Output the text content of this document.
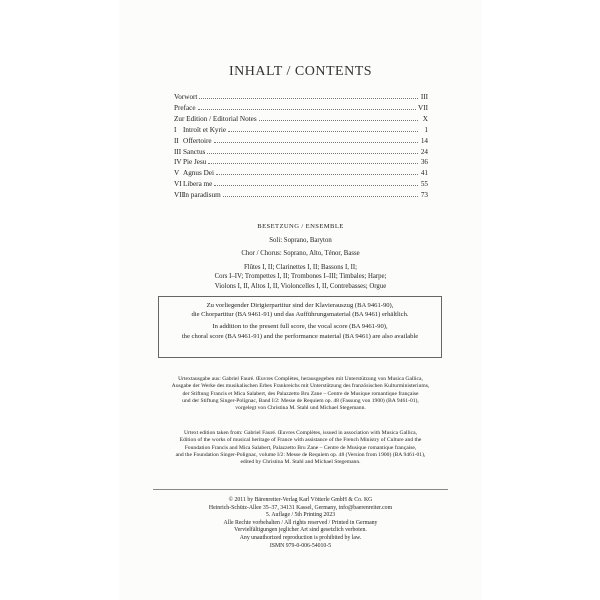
INHALT / CONTENTS
Vorwort	III
Preface	VII
Zur Edition / Editorial Notes	X
I Introït et Kyrie	1
II Offertoire	14
III Sanctus	24
IV Pie Jesu	36
V Agnus Dei	41
VI Libera me	55
VII In paradisum	73
BESETZUNG / ENSEMBLE
Soli: Soprano, Baryton
Chor / Chorus: Soprano, Alto, Ténor, Basse
Flûtes I, II; Clarinettes I, II; Bassons I, II;
Cors I–IV; Trompettes I, II; Trombones I–III; Timbales; Harpe;
Violons I, II, Altos I, II, Violoncelles I, II, Contrebasses; Orgue
Zu vorliegender Dirigierpartitur sind der Klavierauszug (BA 9461-90),
die Chorpartitur (BA 9461-91) und das Aufführungsmaterial (BA 9461) erhältlich.
In addition to the present full score, the vocal score (BA 9461-90),
the choral score (BA 9461-91) and the performance material (BA 9461) are also available
Urtextausgabe aus: Gabriel Fauré. Œuvres Complètes, herausgegeben mit Unterstützung von Musica Gallica,
Ausgabe der Werke des musikalischen Erbes Frankreichs mit Unterstützung des französischen Kulturministeriums,
der Stiftung Francis et Mica Salabert, des Palazzetto Bru Zane – Centre de Musique romantique française
und der Stiftung Singer-Polignac, Band I/2: Messe de Requiem op. 48 (Fassung von 1900) (BA 9461-01),
vorgelegt von Christina M. Stahl und Michael Stegemann.
Urtext edition taken from: Gabriel Fauré. Œuvres Complètes, issued in association with Musica Gallica,
Edition of the works of musical heritage of France with assistance of the French Ministry of Culture and the
Foundation Francis and Mica Salabert, Palazzetto Bru Zane – Centre de Musique romantique française,
and the Foundation Singer-Polignac, volume I/2: Messe de Requiem op. 48 (Version from 1900) (BA 9461-01),
edited by Christina M. Stahl and Michael Stegemann.
© 2011 by Bärenreiter-Verlag Karl Vötterle GmbH & Co. KG
Heinrich-Schütz-Allee 35–37, 34131 Kassel, Germany, info@baerenreiter.com
5. Auflage / 5th Printing 2023
Alle Rechte vorbehalten / All rights reserved / Printed in Germany
Vervielfältigungen jeglicher Art sind gesetzlich verboten.
Any unauthorized reproduction is prohibited by law.
ISMN 979-0-006-54010-5
